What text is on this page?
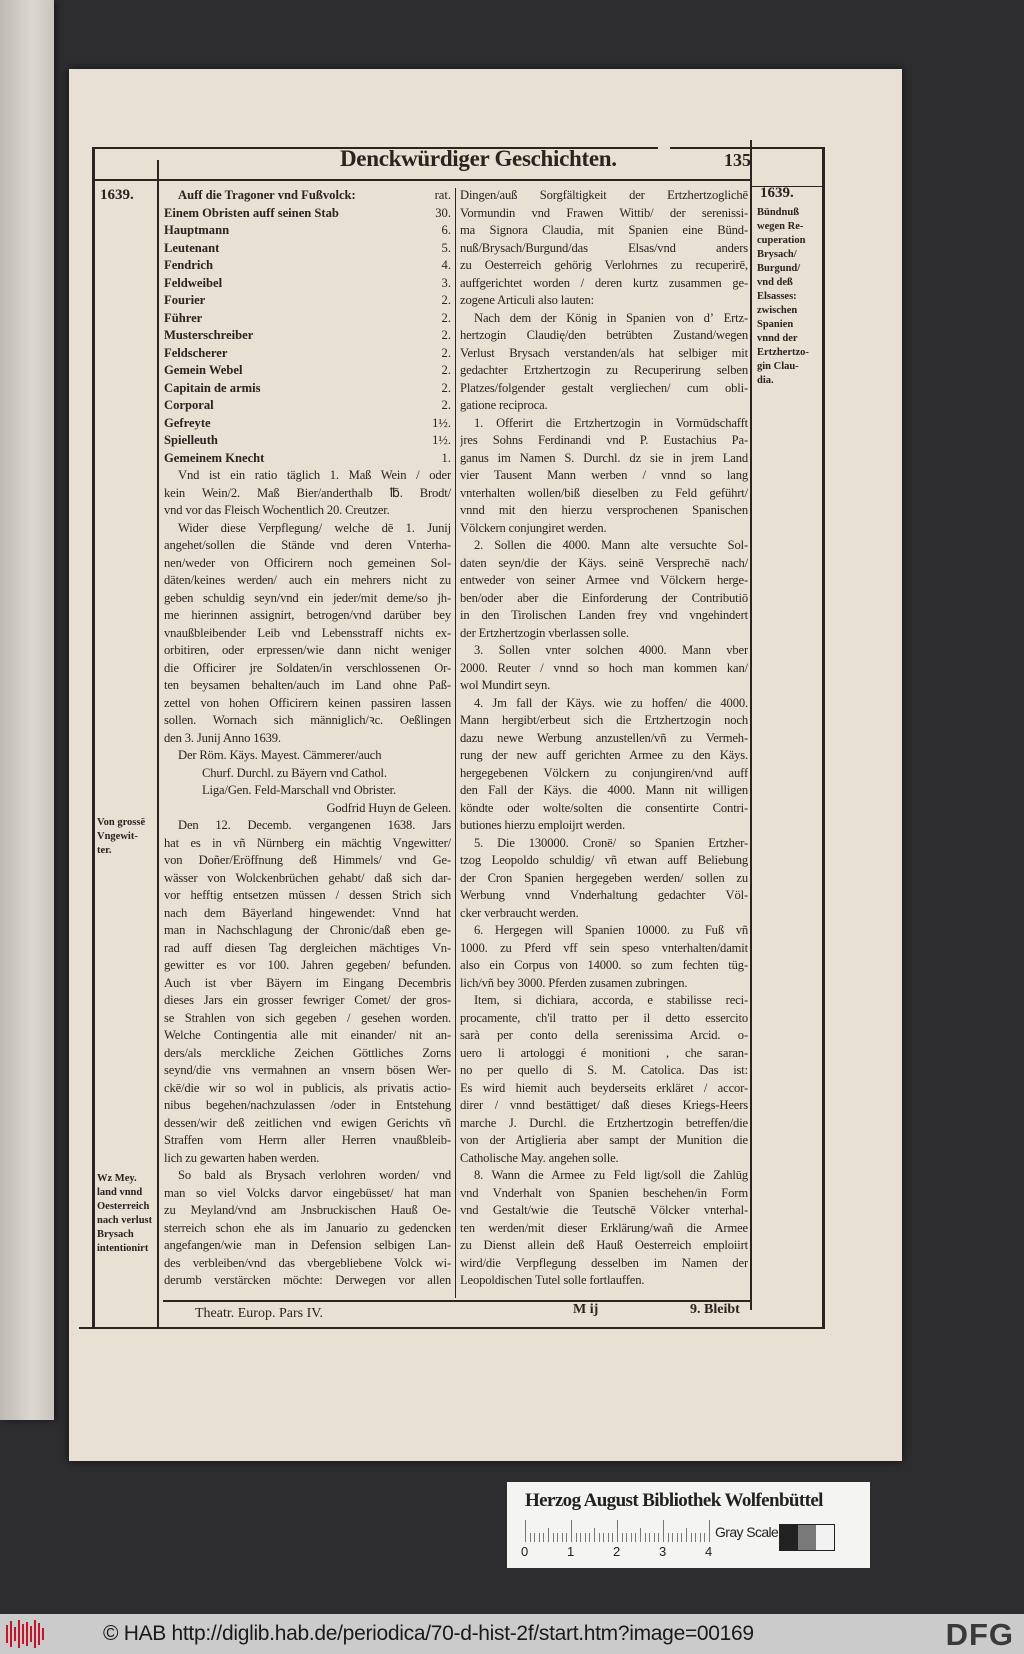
Denckwürdiger Geschichten.	135
1639.
Von grossē
Vngewit-
ter.
Wz Mey.
land vnnd
Oesterreich
nach verlust
Brysach
intentionirt
1639.
Bündnuß
wegen Re-
cuperation
Brysach/
Burgund/
vnd deß
Elsasses:
zwischen
Spanien
vnnd der
Ertzhertzo-
gin Clau-
dia.
Auff die Tragoner vnd Fußvolck:	rat.
Einem Obristen auff seinen Stab	30.
Hauptmann	6.
Leutenant	5.
Fendrich	4.
Feldweibel	3.
Fourier	2.
Führer	2.
Musterschreiber	2.
Feldscherer	2.
Gemein Webel	2.
Capitain de armis	2.
Corporal	2.
Gefreyte	1½.
Spielleuth	1½.
Gemeinem Knecht	1.
Vnd ist ein ratio täglich 1. Maß Wein / oder
kein Wein/2. Maß Bier/anderthalb ℔. Brodt/
vnd vor das Fleisch Wochentlich 20. Creutzer.
Wider diese Verpflegung/ welche dē 1. Junij
angehet/sollen die Stände vnd deren Vnterha-
nen/weder von Officirern noch gemeinen Sol-
däten/keines werden/ auch ein mehrers nicht zu
geben schuldig seyn/vnd ein jeder/mit deme/so jh-
me hierinnen assignirt, betrogen/vnd darüber bey
vnaußbleibender Leib vnd Lebensstraff nichts ex-
orbitiren, oder erpressen/wie dann nicht weniger
die Officirer jre Soldaten/in verschlossenen Or-
ten beysamen behalten/auch im Land ohne Paß-
zettel von hohen Officirern keinen passiren lassen
sollen. Wornach sich männiglich/ꝛc. Oeßlingen
den 3. Junij Anno 1639.
Der Röm. Käys. Mayest. Cämmerer/auch
Churf. Durchl. zu Bäyern vnd Cathol.
Liga/Gen. Feld-Marschall vnd Obrister.
Godfrid Huyn de Geleen.
Den 12. Decemb. vergangenen 1638. Jars
hat es in vñ Nürnberg ein mächtig Vngewitter/
von Doñer/Eröffnung deß Himmels/ vnd Ge-
wässer von Wolckenbrüchen gehabt/ daß sich dar-
vor hefftig entsetzen müssen / dessen Strich sich
nach dem Bäyerland hingewendet: Vnnd hat
man in Nachschlagung der Chronic/daß eben ge-
rad auff diesen Tag dergleichen mächtiges Vn-
gewitter es vor 100. Jahren gegeben/ befunden.
Auch ist vber Bäyern im Eingang Decembris
dieses Jars ein grosser fewriger Comet/ der gros-
se Strahlen von sich gegeben / gesehen worden.
Welche Contingentia alle mit einander/ nit an-
ders/als merckliche Zeichen Göttliches Zorns
seynd/die vns vermahnen an vnsern bösen Wer-
ckē/die wir so wol in publicis, als privatis actio-
nibus begehen/nachzulassen /oder in Entstehung
dessen/wir deß zeitlichen vnd ewigen Gerichts vñ
Straffen vom Herrn aller Herren vnaußbleib-
lich zu gewarten haben werden.
So bald als Brysach verlohren worden/ vnd
man so viel Volcks darvor eingebüsset/ hat man
zu Meyland/vnd am Jnsbruckischen Hauß Oe-
sterreich schon ehe als im Januario zu gedencken
angefangen/wie man in Defension selbigen Lan-
des verbleiben/vnd das vbergebliebene Volck wi-
derumb verstärcken möchte: Derwegen vor allen
Dingen/auß Sorgfältigkeit der Ertzhertzoglichē
Vormundin vnd Frawen Wittib/ der serenissi-
ma Signora Claudia, mit Spanien eine Bünd-
nuß/Brysach/Burgund/das Elsas/vnd anders
zu Oesterreich gehörig Verlohrnes zu recuperirē,
auffgerichtet worden / deren kurtz zusammen ge-
zogene Articuli also lauten:
Nach dem der König in Spanien von dʼ Ertz-
hertzogin Claudię/den betrübten Zustand/wegen
Verlust Brysach verstanden/als hat selbiger mit
gedachter Ertzhertzogin zu Recuperirung selben
Platzes/folgender gestalt vergliechen/ cum obli-
gatione reciproca.
1. Offerirt die Ertzhertzogin in Vormūdschafft
jres Sohns Ferdinandi vnd P. Eustachius Pa-
ganus im Namen S. Durchl. dz sie in jrem Land
vier Tausent Mann werben / vnnd so lang
vnterhalten wollen/biß dieselben zu Feld geführt/
vnnd mit den hierzu versprochenen Spanischen
Völckern conjungiret werden.
2. Sollen die 4000. Mann alte versuchte Sol-
daten seyn/die der Käys. seinē Versprechē nach/
entweder von seiner Armee vnd Völckern herge-
ben/oder aber die Einforderung der Contributiō
in den Tirolischen Landen frey vnd vngehindert
der Ertzhertzogin vberlassen solle.
3. Sollen vnter solchen 4000. Mann vber
2000. Reuter / vnnd so hoch man kommen kan/
wol Mundirt seyn.
4. Jm fall der Käys. wie zu hoffen/ die 4000.
Mann hergibt/erbeut sich die Ertzhertzogin noch
dazu newe Werbung anzustellen/vñ zu Vermeh-
rung der new auff gerichten Armee zu den Käys.
hergegebenen Völckern zu conjungiren/vnd auff
den Fall der Käys. die 4000. Mann nit willigen
köndte oder wolte/solten die consentirte Contri-
butiones hierzu emploijrt werden.
5. Die 130000. Cronē/ so Spanien Ertzher-
tzog Leopoldo schuldig/ vñ etwan auff Beliebung
der Cron Spanien hergegeben werden/ sollen zu
Werbung vnnd Vnderhaltung gedachter Völ-
cker verbraucht werden.
6. Hergegen will Spanien 10000. zu Fuß vñ
1000. zu Pferd vff sein speso vnterhalten/damit
also ein Corpus von 14000. so zum fechten tüg-
lich/vñ bey 3000. Pferden zusamen zubringen.
Item, si dichiara, accorda, e stabilisse reci-
procamente, ch'il tratto per il detto essercito
sarà per conto della serenissima Arcid. o-
uero li artologgi é monitioni , che saran-
no per quello di S. M. Catolica. Das ist:
Es wird hiemit auch beyderseits erkläret / accor-
direr / vnnd bestättiget/ daß dieses Kriegs-Heers
marche J. Durchl. die Ertzhertzogin betreffen/die
von der Artiglieria aber sampt der Munition die
Catholische May. angehen solle.
8. Wann die Armee zu Feld ligt/soll die Zahlūg
vnd Vnderhalt von Spanien beschehen/in Form
vnd Gestalt/wie die Teutschē Völcker vnterhal-
ten werden/mit dieser Erklärung/wañ die Armee
zu Dienst allein deß Hauß Oesterreich emploiirt
wird/die Verpflegung desselben im Namen der
Leopoldischen Tutel solle fortlauffen.
Theatr. Europ. Pars IV.	M ij	9. Bleibt
Herzog August Bibliothek Wolfenbüttel
0	1	2	3	4
Gray Scale
© HAB http://diglib.hab.de/periodica/70-d-hist-2f/start.htm?image=00169	DFG
